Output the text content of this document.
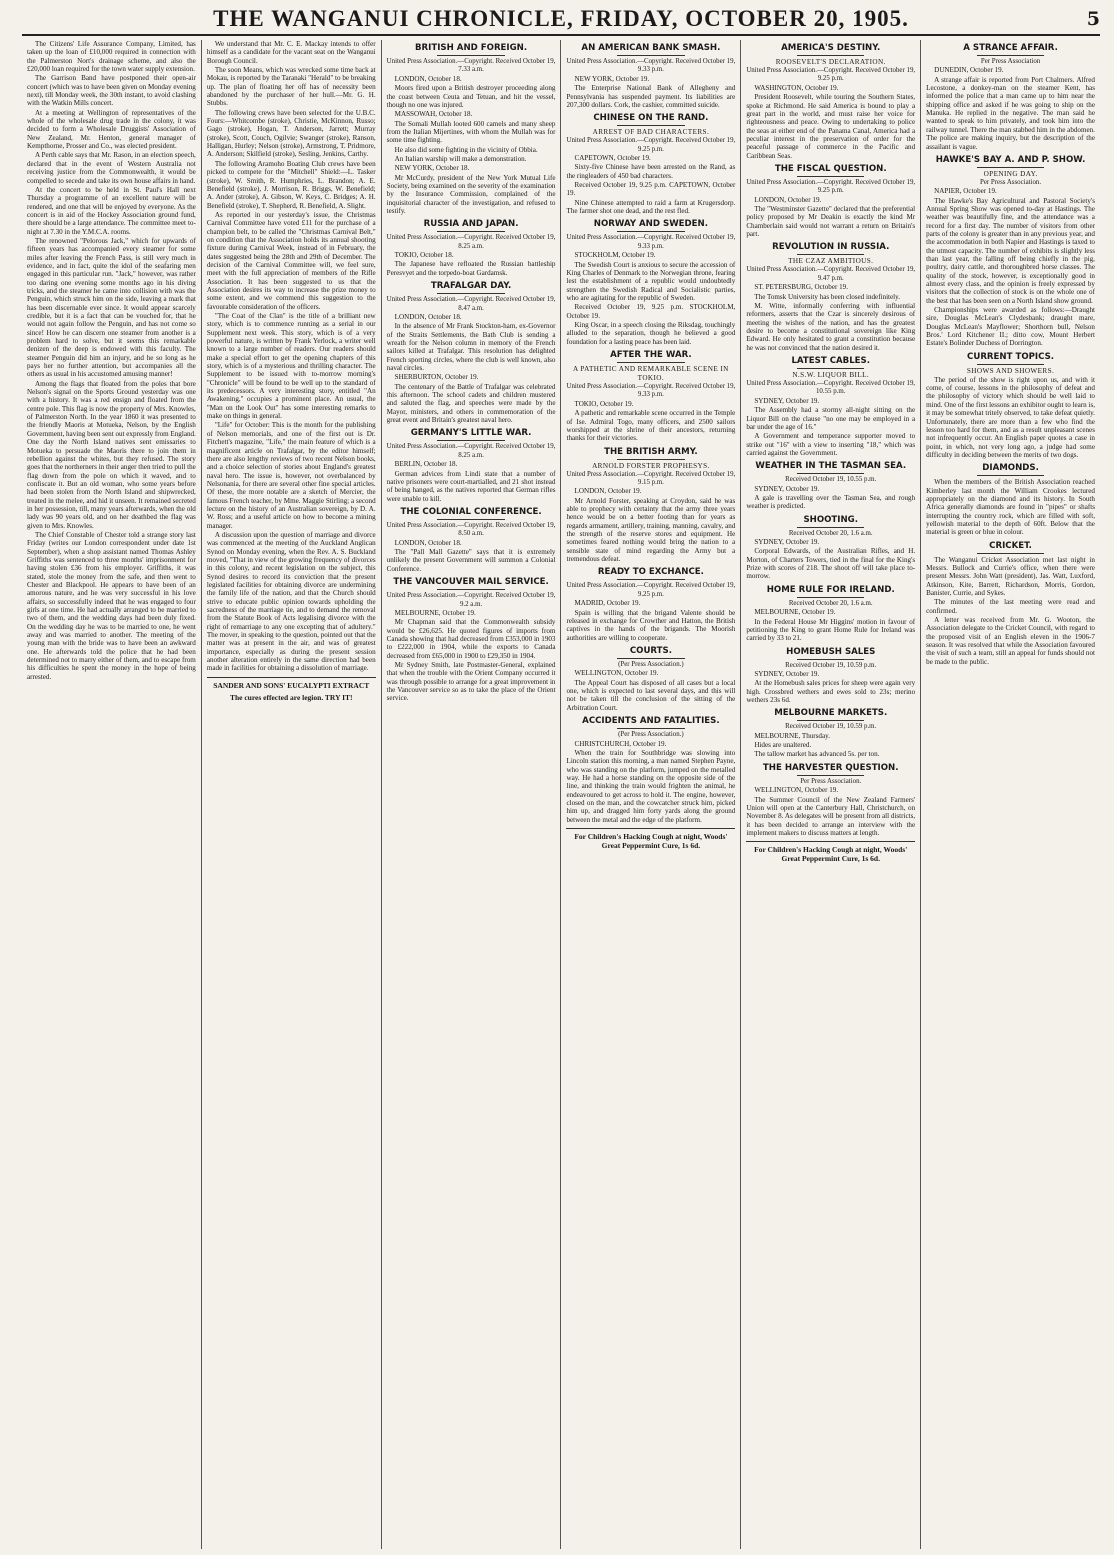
THE WANGANUI CHRONICLE, FRIDAY, OCTOBER 20, 1905.	5

The Citizens' Life Assurance Company, Limited, has taken up the loan of £10,000 required in connection with the Palmerston Nort's drainage scheme, and also the £20,000 loan required for the town water supply extension.

The Garrison Band have postponed their open-air concert (which was to have been given on Monday evening next), till Monday week, the 30th instant, to avoid clashing with the Watkin Mills concert.

At a meeting at Wellington of representatives of the whole of the wholesale drug trade in the colony, it was decided to form a Wholesale Druggists' Association of New Zealand, Mr. Henton, general manager of Kempthorne, Prosser and Co., was elected president.

A Perth cable says that Mr. Rason, in an election speech, declared that in the event of Western Australia not receiving justice from the Commonwealth, it would be compelled to secede and take its own house affairs in hand.

At the concert to be held in St. Paul's Hall next Thursday a programme of an excellent nature will be rendered, and one that will be enjoyed by everyone. As the concert is in aid of the Hockey Association ground fund, there should be a large attendance. The committee meet to-night at 7.30 in the Y.M.C.A. rooms.

The renowned "Pelorous Jack," which for upwards of fifteen years has accompanied every steamer for some miles after leaving the French Pass, is still very much in evidence, and in fact, quite the idol of the seafaring men engaged in this particular run. "Jack," however, was rather too daring one evening some months ago in his diving tricks, and the steamer he came into collision with was the Penguin, which struck him on the side, leaving a mark that has been discernable ever since. It would appear scarcely credible, but it is a fact that can be vouched for, that he would not again follow the Penguin, and has not come so since! How he can discern one steamer from another is a problem hard to solve, but it seems this remarkable denizen of the deep is endowed with this faculty. The steamer Penguin did him an injury, and he so long as he pays her no further attention, but accompanies all the others as usual in his accustomed amusing manner!

Among the flags that floated from the poles that bore Nelson's signal on the Sports Ground yesterday was one with a history. It was a red ensign and floated from the centre pole. This flag is now the property of Mrs. Knowles, of Palmerston North. In the year 1860 it was presented to the friendly Maoris at Motueka, Nelson, by the English Government, having been sent out expressly from England. One day the North Island natives sent emissaries to Motueka to persuade the Maoris there to join them in rebellion against the whites, but they refused. The story goes that the northerners in their anger then tried to pull the flag down from the pole on which it waved, and to confiscate it. But an old woman, who some years before had been stolen from the North Island and shipwrecked, treated in the melee, and hid it unseen. It remained secreted in her possession, till, many years afterwards, when the old lady was 90 years old, and on her deathbed the flag was given to Mrs. Knowles.

The Chief Constable of Chester told a strange story last Friday (writes our London correspondent under date 1st September), when a shop assistant named Thomas Ashley Griffiths was sentenced to three months' imprisonment for having stolen £36 from his employer. Griffiths, it was stated, stole the money from the safe, and then went to Chester and Blackpool. He appears to have been of an amorous nature, and he was very successful in his love affairs, so successfully indeed that he was engaged to four girls at one time. He had actually arranged to be married to two of them, and the wedding days had been duly fixed. On the wedding day he was to be married to one, he went away and was married to another. The meeting of the young man with the bride was to have been an awkward one. He afterwards told the police that he had been determined not to marry either of them, and to escape from his difficulties he spent the money in the hope of being arrested.

We understand that Mr. C. E. Mackay intends to offer himself as a candidate for the vacant seat on the Wanganui Borough Council.

The soon Means, which was wrecked some time back at Mokau, is reported by the Taranaki "Herald" to be breaking up. The plan of floating her off has of necessity been abandoned by the purchaser of her hull.—Mr. G. H. Stubbs.

The following crews have been selected for the U.B.C. Fours:—Whitcombe (stroke), Christie, McKinnon, Russo; Gago (stroke), Hogan, T. Anderson, Jarrett; Murray (stroke), Scott, Couch, Ogilvie; Swanger (stroke), Ranson, Halligan, Hurley; Nelson (stroke), Armstrong, T. Pridmore, A. Anderson; Skilfield (stroke), Sesling, Jenkins, Carthy.

The following Aramoho Boating Club crews have been picked to compete for the "Mitchell" Shield:—L. Tasker (stroke), W. Smith, R. Humphries, L. Brandon; A. E. Benefield (stroke), J. Morrison, R. Briggs, W. Benefield; A. Ander (stroke), A. Gibson, W. Keys, C. Bridges; A. H. Benefield (stroke), T. Shepherd, R. Benefield, A. Slight.

As reported in our yesterday's issue, the Christmas Carnival Committee have voted £11 for the purchase of a champion belt, to be called the "Christmas Carnival Belt," on condition that the Association holds its annual shooting fixture during Carnival Week, instead of in February, the dates suggested being the 28th and 29th of December. The decision of the Carnival Committee will, we feel sure, meet with the full appreciation of members of the Rifle Association. It has been suggested to us that the Association desires its way to increase the prize money to some extent, and we commend this suggestion to the favourable consideration of the officers.

"The Coat of the Clan" is the title of a brilliant new story, which is to commence running as a serial in our Supplement next week. This story, which is of a very powerful nature, is written by Frank Yerlock, a writer well known to a large number of readers. Our readers should make a special effort to get the opening chapters of this story, which is of a mysterious and thrilling character. The Supplement to be issued with to-morrow morning's "Chronicle" will be found to be well up to the standard of its predecessors. A very interesting story, entitled "An Awakening," occupies a prominent place. An usual, the "Man on the Look Out" has some interesting remarks to make on things in general.

"Life" for October: This is the month for the publishing of Nelson memorials, and one of the first out is Dr. Fitchett's magazine, "Life," the main feature of which is a magnificent article on Trafalgar, by the editor himself; there are also lengthy reviews of two recent Nelson books, and a choice selection of stories about England's greatest naval hero. The issue is, however, not overbalanced by Nelsonania, for there are several other fine special articles. Of these, the more notable are a sketch of Mercier, the famous French teacher, by Mme. Maggie Stirling; a second lecture on the history of an Australian sovereign, by D. A. W. Ross; and a useful article on how to become a mining manager.

A discussion upon the question of marriage and divorce was commenced at the meeting of the Auckland Anglican Synod on Monday evening, when the Rev. A. S. Buckland moved, "That in view of the growing frequency of divorces in this colony, and recent legislation on the subject, this Synod desires to record its conviction that the present legislated facilities for obtaining divorce are undermining the family life of the nation, and that the Church should strive to educate public opinion towards upholding the sacredness of the marriage tie, and to demand the removal from the Statute Book of Acts legalising divorce with the right of remarriage to any one excepting that of adultery." The mover, in speaking to the question, pointed out that the matter was at present in the air, and was of greatest importance, especially as during the present session another alteration entirely in the same direction had been made in facilities for obtaining a dissolution of marriage.

SANDER AND SONS' EUCALYPTI EXTRACT
The cures effected are legion. TRY IT!
BRITISH AND FOREIGN.
United Press Association.—Copyright. Received October 19, 7.33 a.m.

LONDON, October 18.

Moors fired upon a British destroyer proceeding along the coast between Ceuta and Tetuan, and hit the vessel, though no one was injured.

MASSOWAH, October 18.

The Somali Mullah looted 600 camels and many sheep from the Italian Mijertines, with whom the Mullah was for some time fighting.

He also did some fighting in the vicinity of Obbia.

An Italian warship will make a demonstration.

NEW YORK, October 18.

Mr McCurdy, president of the New York Mutual Life Society, being examined on the severity of the examination by the Insurance Commission, complained of the inquisitorial character of the investigation, and refused to testify.

RUSSIA AND JAPAN.
United Press Association.—Copyright. Received October 19, 8.25 a.m.

TOKIO, October 18.

The Japanese have refloated the Russian battleship Peresvyet and the torpedo-boat Gardamsk.

TRAFALGAR DAY.
United Press Association.—Copyright. Received October 19, 8.47 a.m.

LONDON, October 18.

In the absence of Mr Frank Stockton-ham, ex-Governor of the Straits Settlements, the Bath Club is sending a wreath for the Nelson column in memory of the French sailors killed at Trafalgar. This resolution has delighted French sporting circles, where the club is well known, also naval circles.

SHERBURTON, October 19.

The centenary of the Battle of Trafalgar was celebrated this afternoon. The school cadets and children mustered and saluted the flag, and speeches were made by the Mayor, ministers, and others in commemoration of the great event and Britain's greatest naval hero.

GERMANY'S LITTLE WAR.
United Press Association.—Copyright. Received October 19, 8.25 a.m.

BERLIN, October 18.

German advices from Lindi state that a number of native prisoners were court-martialled, and 21 shot instead of being hanged, as the natives reported that German rifles were unable to kill.

THE COLONIAL CONFERENCE.
United Press Association.—Copyright. Received October 19, 8.50 a.m.

LONDON, October 18.

The "Pall Mall Gazette" says that it is extremely unlikely the present Government will summon a Colonial Conference.

THE VANCOUVER MAIL SERVICE.
United Press Association.—Copyright. Received October 19, 9.2 a.m.

MELBOURNE, October 19.

Mr Chapman said that the Commonwealth subsidy would be £26,625. He quoted figures of imports from Canada showing that had decreased from £353,000 in 1903 to £222,000 in 1904, while the exports to Canada decreased from £65,000 in 1900 to £29,350 in 1904.

Mr Sydney Smith, late Postmaster-General, explained that when the trouble with the Orient Company occurred it was through possible to arrange for a great improvement in the Vancouver service so as to take the place of the Orient service.

AN AMERICAN BANK SMASH.
United Press Association.—Copyright. Received October 19, 9.33 p.m.

NEW YORK, October 19.

The Enterprise National Bank of Allegheny and Pennsylvania has suspended payment. Its liabilities are 207,300 dollars. Cork, the cashier, committed suicide.

CHINESE ON THE RAND.
ARREST OF BAD CHARACTERS.
United Press Association.—Copyright. Received October 19, 9.25 p.m.

CAPETOWN, October 19.

Sixty-five Chinese have been arrested on the Rand, as the ringleaders of 450 bad characters.

Received October 19, 9.25 p.m. CAPETOWN, October 19.

Nine Chinese attempted to raid a farm at Krugersdorp. The farmer shot one dead, and the rest fled.

NORWAY AND SWEDEN.
United Press Association.—Copyright. Received October 19, 9.33 p.m.

STOCKHOLM, October 19.

The Swedish Court is anxious to secure the accession of King Charles of Denmark to the Norwegian throne, fearing lest the establishment of a republic would undoubtedly strengthen the Swedish Radical and Socialistic parties, who are agitating for the republic of Sweden.

Received October 19, 9.25 p.m. STOCKHOLM, October 19.

King Oscar, in a speech closing the Riksdag, touchingly alluded to the separation, though he believed a good foundation for a lasting peace has been laid.

AFTER THE WAR.
A PATHETIC AND REMARKABLE SCENE IN TOKIO.
United Press Association.—Copyright. Received October 19, 9.33 p.m.

TOKIO, October 19.

A pathetic and remarkable scene occurred in the Temple of Ise. Admiral Togo, many officers, and 2500 sailors worshipped at the shrine of their ancestors, returning thanks for their victories.

THE BRITISH ARMY.
ARNOLD FORSTER PROPHESYS.
United Press Association.—Copyright. Received October 19, 9.15 p.m.

LONDON, October 19.

Mr Arnold Forster, speaking at Croydon, said he was able to prophecy with certainty that the army three years hence would be on a better footing than for years as regards armament, artillery, training, manning, cavalry, and the strength of the reserve stores and equipment. He sometimes feared nothing would bring the nation to a sensible state of mind regarding the Army but a tremendous defeat.

READY TO EXCHANCE.
United Press Association.—Copyright. Received October 19, 9.25 p.m.

MADRID, October 19.

Spain is willing that the brigand Valente should be released in exchange for Crowther and Hatton, the British captives in the hands of the brigands. The Moorish authorities are willing to cooperate.

COURTS.
(Per Press Association.)

WELLINGTON, October 19.

The Appeal Court has disposed of all cases but a local one, which is expected to last several days, and this will not be taken till the conclusion of the sitting of the Arbitration Court.

ACCIDENTS AND FATALITIES.
(Per Press Association.)

CHRISTCHURCH, October 19.

When the train for Southbridge was slowing into Lincoln station this morning, a man named Stephen Payne, who was standing on the platform, jumped on the metalled way. He had a horse standing on the opposite side of the line, and thinking the train would frighten the animal, he endeavoured to get across to hold it. The engine, however, closed on the man, and the cowcatcher struck him, picked him up, and dragged him forty yards along the ground between the metal and the edge of the platform.

For Children's Hacking Cough at night, Woods' Great Peppermint Cure, 1s 6d.
AMERICA'S DESTINY.
ROOSEVELT'S DECLARATION.
United Press Association.—Copyright. Received October 19, 9.25 p.m.

WASHINGTON, October 19.

President Roosevelt, while touring the Southern States, spoke at Richmond. He said America is bound to play a great part in the world, and must raise her voice for righteousness and peace. Owing to undertaking to police the seas at either end of the Panama Canal, America had a peculiar interest in the preservation of order for the peaceful passage of commerce in the Pacific and Caribbean Seas.

THE FISCAL QUESTION.
United Press Association.—Copyright. Received October 19, 9.25 p.m.

LONDON, October 19.

The "Westminster Gazette" declared that the preferential policy proposed by Mr Deakin is exactly the kind Mr Chamberlain said would not warrant a return on Britain's part.

REVOLUTION IN RUSSIA.
THE CZAZ AMBITIOUS.
United Press Association.—Copyright. Received October 19, 9.47 p.m.

ST. PETERSBURG, October 19.

The Tomsk University has been closed indefinitely.

M. Witte, informally conferring with influential reformers, asserts that the Czar is sincerely desirous of meeting the wishes of the nation, and has the greatest desire to become a constitutional sovereign like King Edward. He only hesitated to grant a constitution because he was not convinced that the nation desired it.

LATEST CABLES.
N.S.W. LIQUOR BILL.
United Press Association.—Copyright. Received October 19, 10.55 p.m.

SYDNEY, October 19.

The Assembly had a stormy all-night sitting on the Liquor Bill on the clause "no one may be employed in a bar under the age of 16."

A Government and temperance supporter moved to strike out "16" with a view to inserting "18," which was carried against the Government.

WEATHER IN THE TASMAN SEA.
Received October 19, 10.55 p.m.

SYDNEY, October 19.

A gale is travelling over the Tasman Sea, and rough weather is predicted.

SHOOTING.
Received October 20, 1.6 a.m.

SYDNEY, October 19.

Corporal Edwards, of the Australian Rifles, and H. Morton, of Charters Towers, tied in the final for the King's Prize with scores of 218. The shoot off will take place to-morrow.

HOME RULE FOR IRELAND.
Received October 20, 1.6 a.m.

MELBOURNE, October 19.

In the Federal House Mr Higgins' motion in favour of petitioning the King to grant Home Rule for Ireland was carried by 33 to 21.

HOMEBUSH SALES
Received October 19, 10.59 p.m.

SYDNEY, October 19.

At the Homebush sales prices for sheep were again very high. Crossbred wethers and ewes sold to 23s; merino wethers 23s 6d.

MELBOURNE MARKETS.
Received October 19, 10.59 p.m.

MELBOURNE, Thursday.

Hides are unaltered.

The tallow market has advanced 5s. per ton.

THE HARVESTER QUESTION.
Per Press Association.

WELLINGTON, October 19.

The Summer Council of the New Zealand Farmers' Union will open at the Canterbury Hall, Christchurch, on November 8. As delegates will be present from all districts, it has been decided to arrange an interview with the implement makers to discuss matters at length.

For Children's Hacking Cough at night, Woods' Great Peppermint Cure, 1s 6d.
A STRANCE AFFAIR.
Per Press Association

DUNEDIN, October 19.

A strange affair is reported from Port Chalmers. Alfred Lecostone, a donkey-man on the steamer Kent, has informed the police that a man came up to him near the shipping office and asked if he was going to ship on the Manuka. He replied in the negative. The man said he wanted to speak to him privately, and took him into the railway tunnel. There the man stabbed him in the abdomen. The police are making inquiry, but the description of the assailant is vague.

HAWKE'S BAY A. AND P. SHOW.
OPENING DAY.
Per Press Association.

NAPIER, October 19.

The Hawke's Bay Agricultural and Pastoral Society's Annual Spring Show was opened to-day at Hastings. The weather was beautifully fine, and the attendance was a record for a first day. The number of visitors from other parts of the colony is greater than in any previous year, and the accommodation in both Napier and Hastings is taxed to the utmost capacity. The number of exhibits is slightly less than last year, the falling off being chiefly in the pig, poultry, dairy cattle, and thoroughbred horse classes. The quality of the stock, however, is exceptionally good in almost every class, and the opinion is freely expressed by visitors that the collection of stock is on the whole one of the best that has been seen on a North Island show ground.

Championships were awarded as follows:—Draught sire, Douglas McLean's Clydesbank; draught mare, Douglas McLean's Mayflower; Shorthorn bull, Nelson Bros.' Lord Kitchener II.; ditto cow, Mount Herbert Estate's Bolinder Duchess of Dorrington.

CURRENT TOPICS.
SHOWS AND SHOWERS.

The period of the show is right upon us, and with it come, of course, lessons in the philosophy of defeat and the philosophy of victory which should be well laid to mind. One of the first lessons an exhibitor ought to learn is, it may be somewhat tritely observed, to take defeat quietly. Unfortunately, there are more than a few who find the lesson too hard for them, and as a result unpleasant scenes not infrequently occur. An English paper quotes a case in point, in which, not very long ago, a judge had some difficulty in deciding between the merits of two dogs.

DIAMONDS.

When the members of the British Association reached Kimberley last month the William Crookes lectured appropriately on the diamond and its history. In South Africa generally diamonds are found in "pipes" or shafts interrupting the country rock, which are filled with soft, yellowish material to the depth of 60ft. Below that the material is green or blue in colour.

CRICKET.

The Wanganui Cricket Association met last night in Messrs. Bullock and Currie's office, when there were present Messrs. John Watt (president), Jas. Watt, Luxford, Atkinson, Kite, Barrett, Richardson, Morris, Gordon, Banister, Currie, and Sykes.

The minutes of the last meeting were read and confirmed.

A letter was received from Mr. G. Wooton, the Association delegate to the Cricket Council, with regard to the proposed visit of an English eleven in the 1906-7 season. It was resolved that while the Association favoured the visit of such a team, still an appeal for funds should not be made to the public.
